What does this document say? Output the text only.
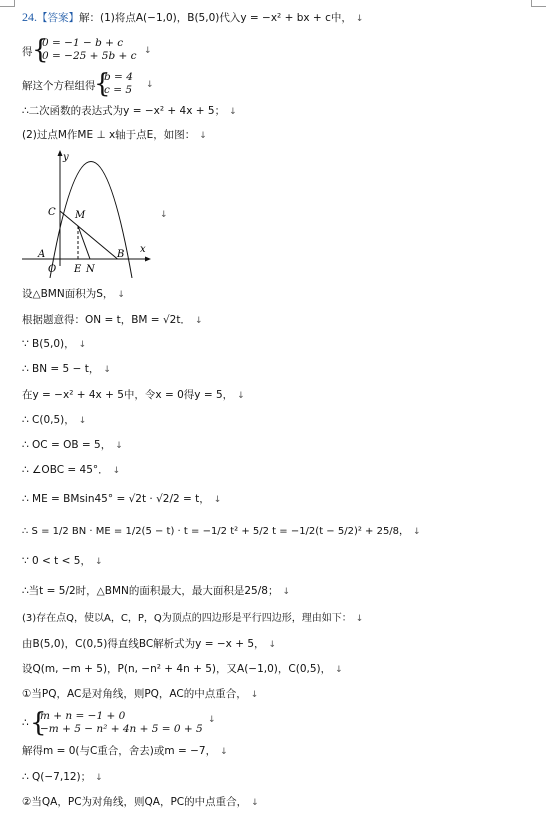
24.【答案】解：(1)将点A(−1,0)，B(5,0)代入y = −x² + bx + c中， ↓
得 {
0 = −1 − b + c
0 = −25 + 5b + c ↓
解这个方程组得
{
b = 4
c = 5 ↓
∴二次函数的表达式为y = −x² + 4x + 5； ↓
(2)过点M作ME ⊥ x轴于点E，如图： ↓
y
x
C M
A	B
O E N
↓
设△BMN面积为S， ↓
根据题意得：ON = t，BM = √2t． ↓
∵ B(5,0)， ↓
∴ BN = 5 − t， ↓
在y = −x² + 4x + 5中，令x = 0得y = 5， ↓
∴ C(0,5)， ↓
∴ OC = OB = 5， ↓
∴ ∠OBC = 45°． ↓
∴ ME = BMsin45° = √2t · √2/2 = t， ↓
∴ S = 1/2 BN · ME = 1/2(5 − t) · t = −1/2 t² + 5/2 t = −1/2(t − 5/2)² + 25/8， ↓
∵ 0 < t < 5， ↓
∴当t = 5/2时，△BMN的面积最大，最大面积是25/8； ↓
(3)存在点Q，使以A，C，P，Q为顶点的四边形是平行四边形，理由如下： ↓
由B(5,0)，C(0,5)得直线BC解析式为y = −x + 5， ↓
设Q(m, −m + 5)，P(n, −n² + 4n + 5)，又A(−1,0)，C(0,5)， ↓
①当PQ，AC是对角线，则PQ，AC的中点重合， ↓
∴ {
m + n = −1 + 0
−m + 5 − n² + 4n + 5 = 0 + 5
↓
解得m = 0(与C重合，舍去)或m = −7， ↓
∴ Q(−7,12)； ↓
②当QA，PC为对角线，则QA，PC的中点重合， ↓
